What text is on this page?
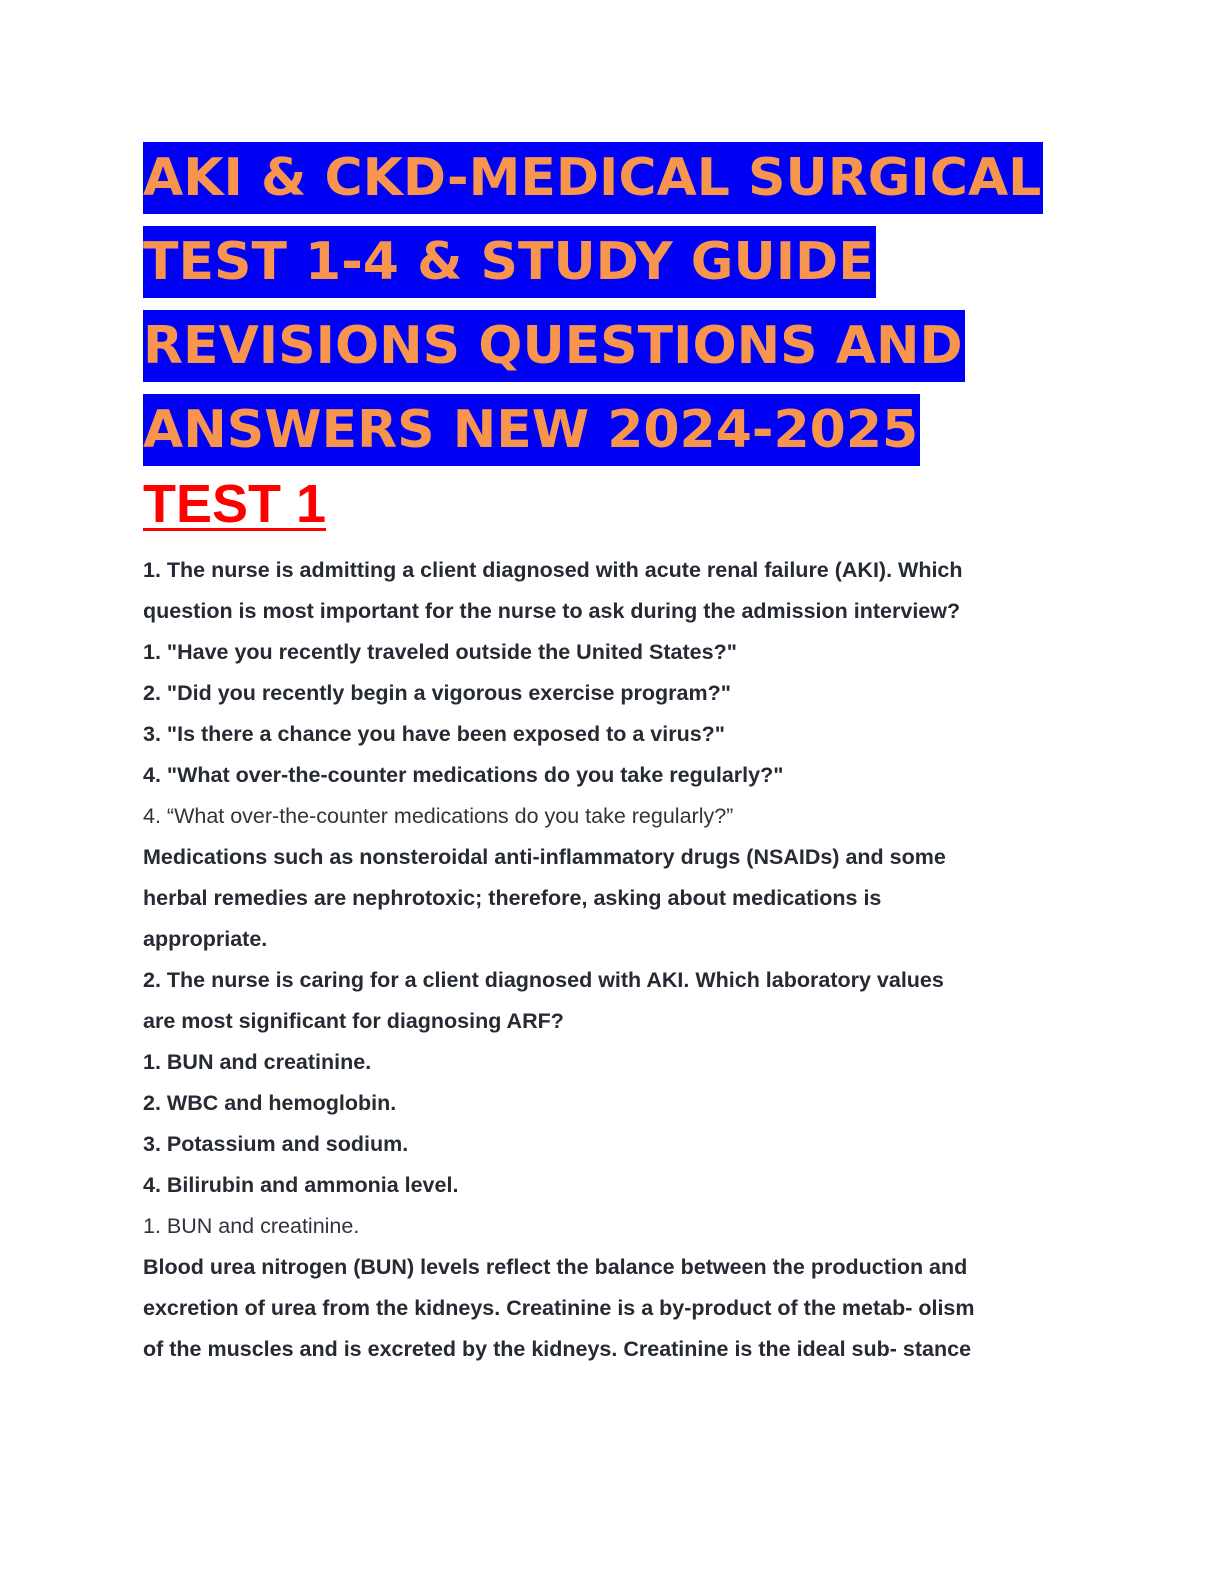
AKI & CKD-MEDICAL SURGICAL
TEST 1-4 & STUDY GUIDE
REVISIONS QUESTIONS AND
ANSWERS NEW 2024-2025
TEST 1
1. The nurse is admitting a client diagnosed with acute renal failure (AKI). Which
question is most important for the nurse to ask during the admission interview?
1. "Have you recently traveled outside the United States?"
2. "Did you recently begin a vigorous exercise program?"
3. "Is there a chance you have been exposed to a virus?"
4. "What over-the-counter medications do you take regularly?"
4. “What over-the-counter medications do you take regularly?”
Medications such as nonsteroidal anti-inflammatory drugs (NSAIDs) and some
herbal remedies are nephrotoxic; therefore, asking about medications is
appropriate.
2. The nurse is caring for a client diagnosed with AKI. Which laboratory values
are most significant for diagnosing ARF?
1. BUN and creatinine.
2. WBC and hemoglobin.
3. Potassium and sodium.
4. Bilirubin and ammonia level.
1. BUN and creatinine.
Blood urea nitrogen (BUN) levels reflect the balance between the production and
excretion of urea from the kidneys. Creatinine is a by-product of the metab- olism
of the muscles and is excreted by the kidneys. Creatinine is the ideal sub- stance
